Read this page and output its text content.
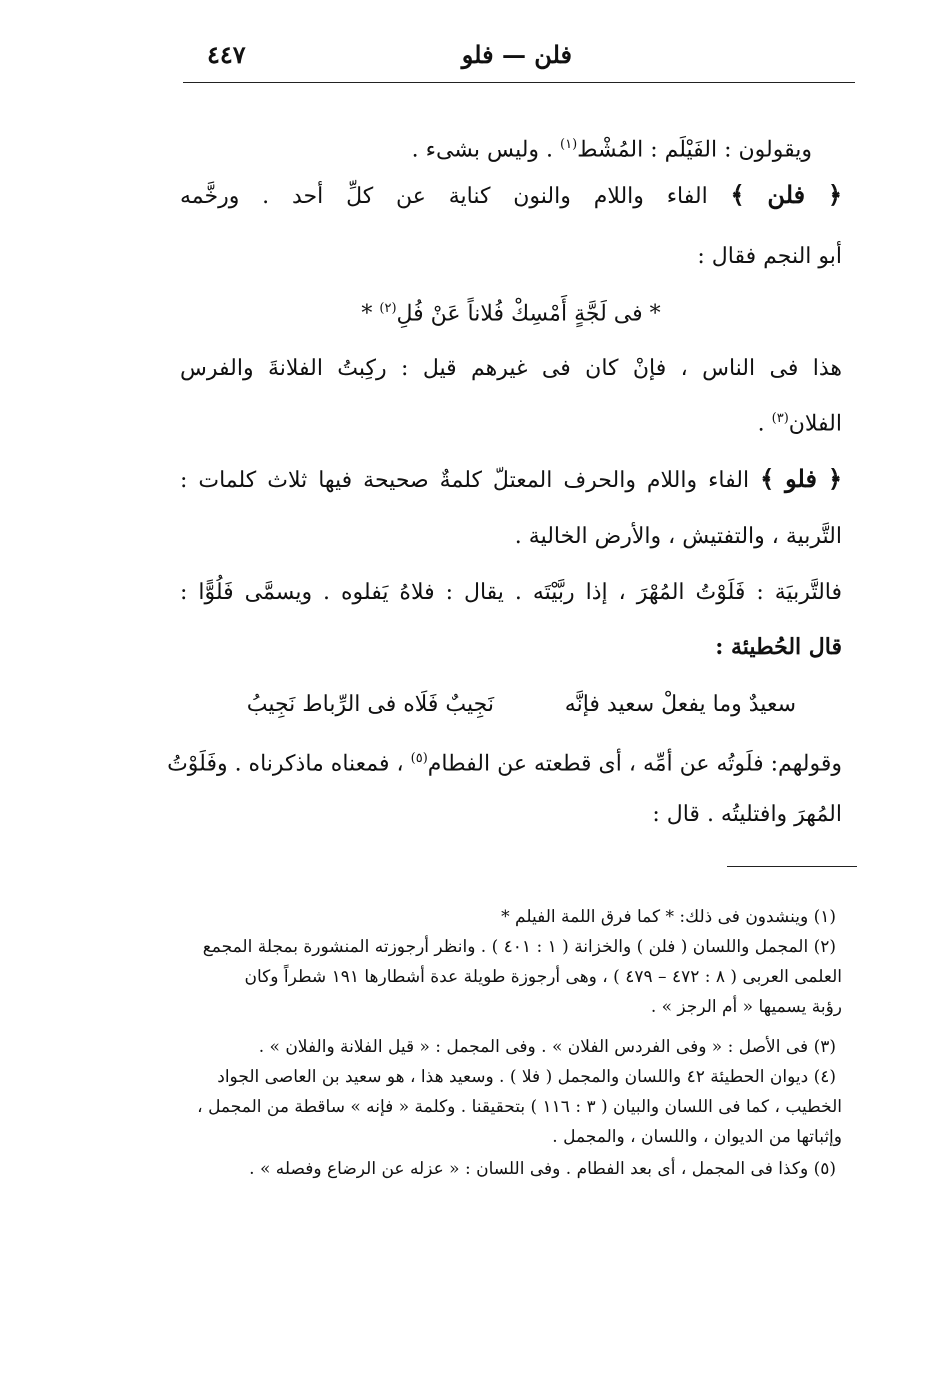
فلن — فلو
٤٤٧
ويقولون : الفَيْلَم : المُشْط$^{(١)}$ . وليس بشىء .
﴿ فلن ﴾ الفاء واللام والنون كناية عن كلِّ أحد . ورخَّمه
أبو النجم فقال :
* فى لَجَّةٍ أَمْسِكْ فُلاناً عَنْ فُلِ$^{(٢)}$ *
هذا فى الناس ، فإنْ كان فى غيرهم قيل : ركِبتُ الفلانةَ والفرس
الفلان$^{(٣)}$ .
﴿ فلو ﴾ الفاء واللام والحرف المعتلّ كلمةٌ صحيحة فيها ثلاث كلمات :
التَّربية ، والتفتيش ، والأرض الخالية .
فالتَّربيَة : فَلَوْتُ المُهْرَ ، إذا ربَّيْتَه . يقال : فلاهُ يَفلوه . ويسمَّى فَلُوًّا :
قال الحُطيئة :
سعيدٌ وما يفعلْ سعيد فإنَّه
نَجِيبٌ فَلَاه فى الرِّباط نَجِيبُ
وقولهم: فلَوتُه عن أمِّه ، أى قطعته عن الفطام$^{(٥)}$ ، فمعناه ماذكرناه . وفَلَوْتُ
المُهرَ وافتليتُه . قال :
(١) وينشدون فى ذلك: * كما فرق اللمة الفيلم *
(٢) المجمل واللسان ( فلن ) والخزانة ( ١ : ٤٠١ ) . وانظر أرجوزته المنشورة بمجلة المجمع
العلمى العربى ( ٨ : ٤٧٢ – ٤٧٩ ) ، وهى أرجوزة طويلة عدة أشطارها ١٩١ شطراً وكان
رؤبة يسميها « أم الرجز » .
(٣) فى الأصل : « وفى الفردس الفلان » . وفى المجمل : « قيل الفلانة والفلان » .
(٤) ديوان الحطيئة ٤٢ واللسان والمجمل ( فلا ) . وسعيد هذا ، هو سعيد بن العاصى الجواد
الخطيب ، كما فى اللسان والبيان ( ٣ : ١١٦ ) بتحقيقنا . وكلمة « فإنه » ساقطة من المجمل ،
وإثباتها من الديوان ، واللسان ، والمجمل .
(٥) وكذا فى المجمل ، أى بعد الفطام . وفى اللسان : « عزله عن الرضاع وفصله » .
